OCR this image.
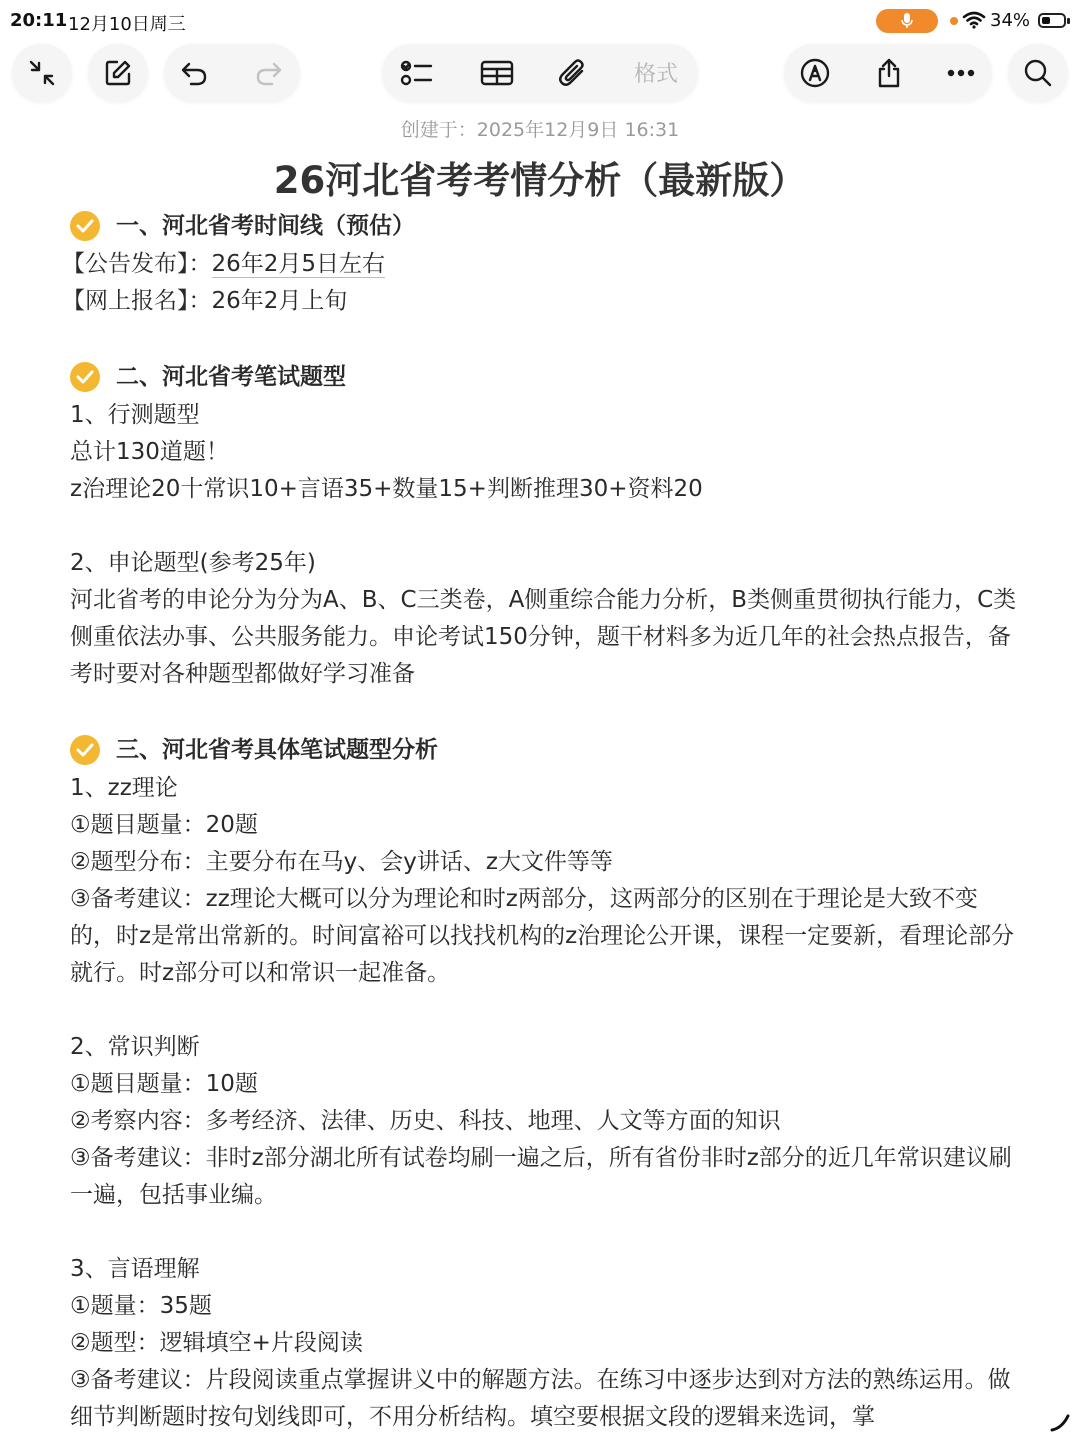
20:11 12月10日周三	34%
格式
创建于：2025年12月9日 16:31
26河北省考考情分析（最新版）
一、河北省考时间线（预估）
【公告发布】：26年2月5日左右
【网上报名】：26年2月上旬
二、河北省考笔试题型
1、行测题型
总计130道题！
z治理论20十常识10+言语35+数量15+判断推理30+资料20
2、申论题型(参考25年)
河北省考的申论分为分为A、B、C三类卷，A侧重综合能力分析，B类侧重贯彻执行能力，C类侧重依法办事、公共服务能力。申论考试150分钟，题干材料多为近几年的社会热点报告，备考时要对各种题型都做好学习准备
三、河北省考具体笔试题型分析
1、zz理论
①题目题量：20题
②题型分布：主要分布在马y、会y讲话、z大文件等等
③备考建议：zz理论大概可以分为理论和时z两部分，这两部分的区别在于理论是大致不变的，时z是常出常新的。时间富裕可以找找机构的z治理论公开课，课程一定要新，看理论部分就行。时z部分可以和常识一起准备。
2、常识判断
①题目题量：10题
②考察内容：多考经济、法律、历史、科技、地理、人文等方面的知识
③备考建议：非时z部分湖北所有试卷均刷一遍之后，所有省份非时z部分的近几年常识建议刷一遍，包括事业编。
3、言语理解
①题量：35题
②题型：逻辑填空+片段阅读
③备考建议：片段阅读重点掌握讲义中的解题方法。在练习中逐步达到对方法的熟练运用。做细节判断题时按句划线即可，不用分析结构。填空要根据文段的逻辑来选词，掌
